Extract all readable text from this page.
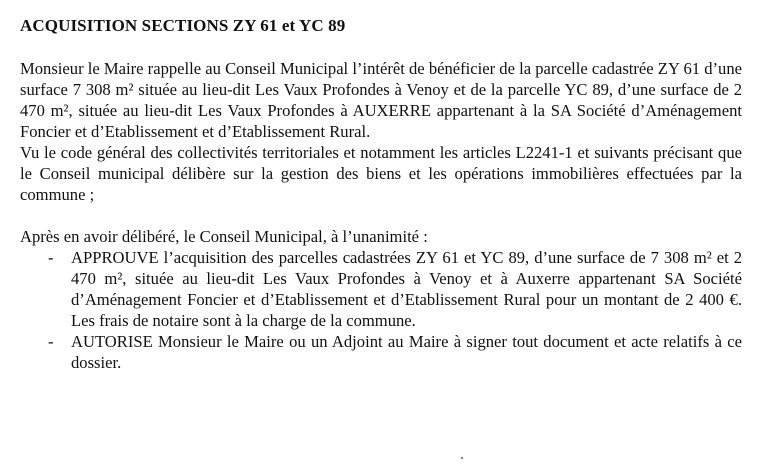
ACQUISITION SECTIONS ZY 61 et YC 89

Monsieur le Maire rappelle au Conseil Municipal l’intérêt de bénéficier de la parcelle cadastrée ZY 61 d’une surface 7 308 m² située au lieu-dit Les Vaux Profondes à Venoy et de la parcelle YC 89, d’une surface de 2 470 m², située au lieu-dit Les Vaux Profondes à AUXERRE appartenant à la SA Société d’Aménagement Foncier et d’Etablissement et d’Etablissement Rural.

Vu le code général des collectivités territoriales et notamment les articles L2241-1 et suivants précisant que le Conseil municipal délibère sur la gestion des biens et les opérations immobilières effectuées par la commune ;

Après en avoir délibéré, le Conseil Municipal, à l’unanimité :

- APPROUVE l’acquisition des parcelles cadastrées ZY 61 et YC 89, d’une surface de 7 308 m² et 2 470 m², située au lieu-dit Les Vaux Profondes à Venoy et à Auxerre appartenant SA Société d’Aménagement Foncier et d’Etablissement et d’Etablissement Rural pour un montant de 2 400 €. Les frais de notaire sont à la charge de la commune.
- AUTORISE Monsieur le Maire ou un Adjoint au Maire à signer tout document et acte relatifs à ce dossier.
